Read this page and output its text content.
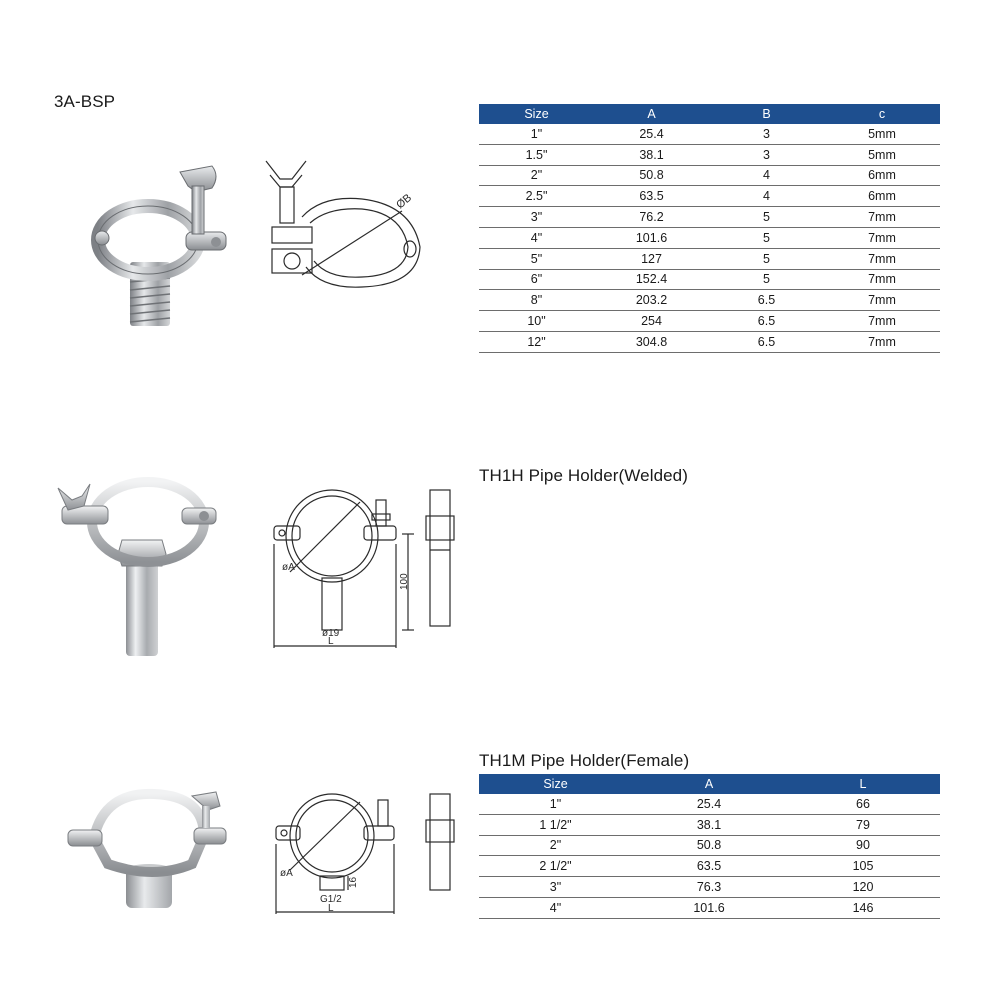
3A-BSP
ØB
Size	A	B	c
1"	25.4	3	5mm
1.5"	38.1	3	5mm
2"	50.8	4	6mm
2.5"	63.5	4	6mm
3"	76.2	5	7mm
4"	101.6	5	7mm
5"	127	5	7mm
6"	152.4	5	7mm
8"	203.2	6.5	7mm
10"	254	6.5	7mm
12"	304.8	6.5	7mm
øA
100
ø19
L
TH1H Pipe Holder(Welded)
øA
16
G1/2
L
TH1M Pipe Holder(Female)
Size	A	L
1"	25.4	66
1 1/2"	38.1	79
2"	50.8	90
2 1/2"	63.5	105
3"	76.3	120
4"	101.6	146
